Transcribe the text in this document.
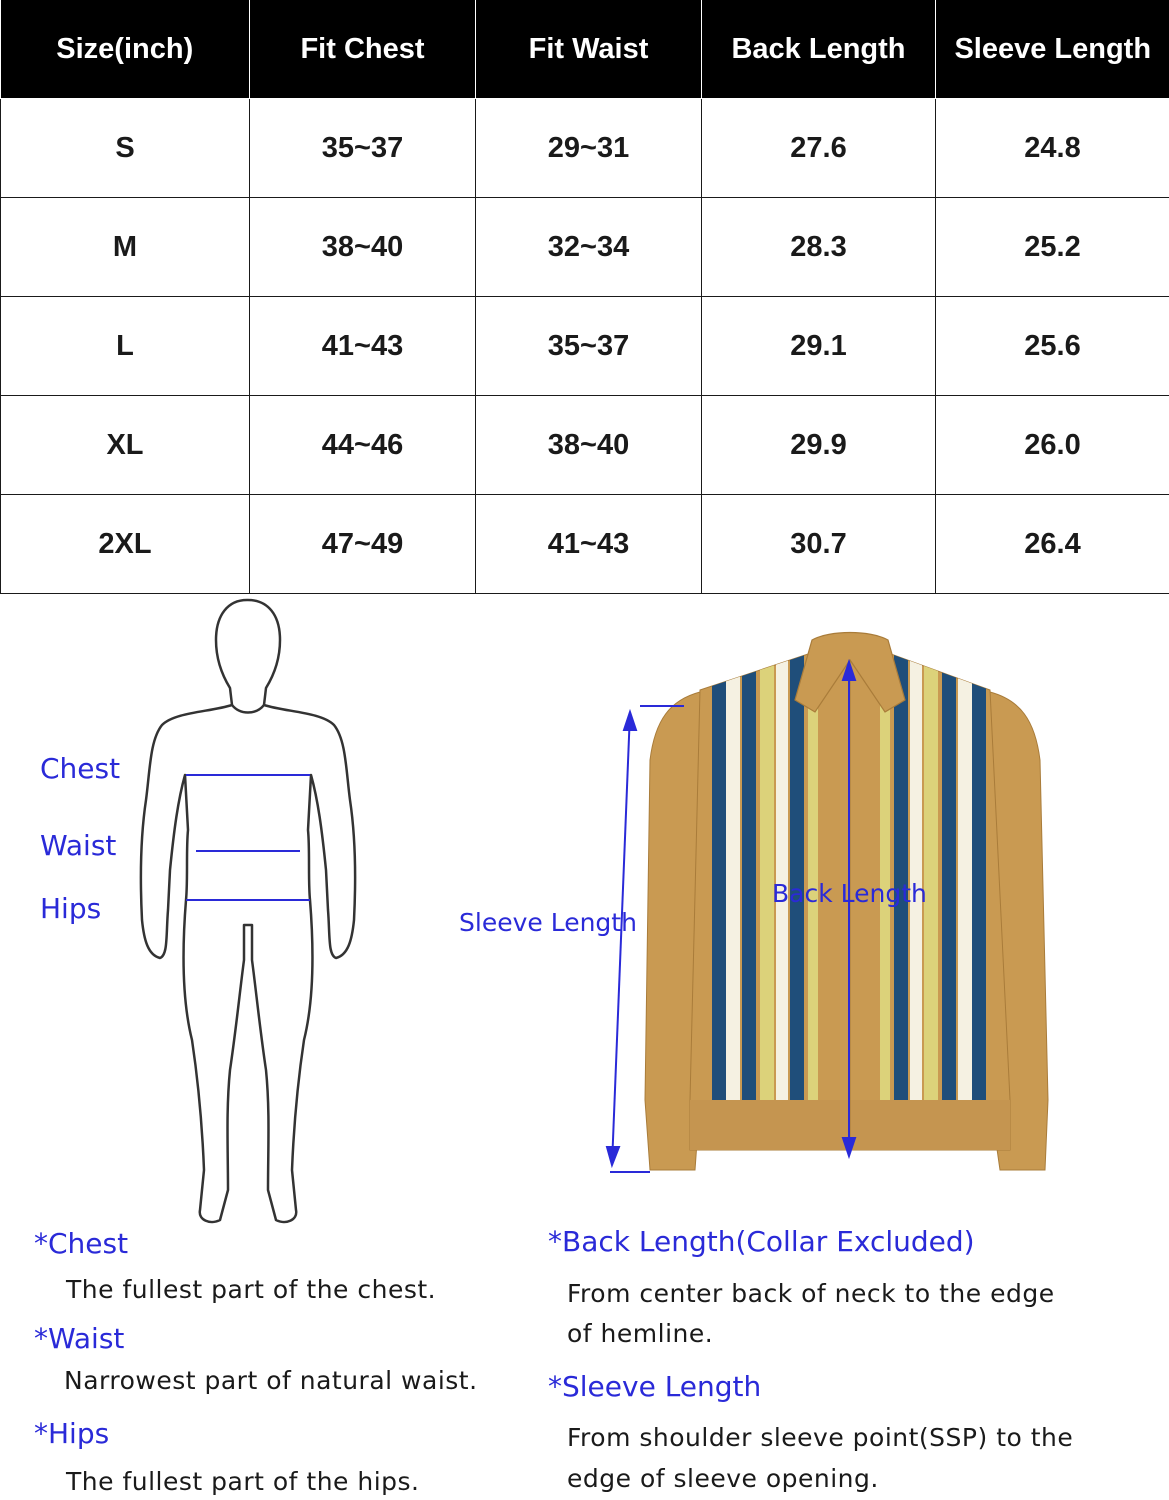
Size(inch)	Fit Chest	Fit Waist	Back Length	Sleeve Length
S	35~37	29~31	27.6	24.8
M	38~40	32~34	28.3	25.2
L	41~43	35~37	29.1	25.6
XL	44~46	38~40	29.9	26.0
2XL	47~49	41~43	30.7	26.4
Chest
Waist
Hips	Sleeve Length
Back Length
*Chest
The fullest part of the chest.
*Waist
Narrowest part of natural waist.
*Hips
The fullest part of the hips.
*Back Length(Collar Excluded)
From center back of neck to the edge
of hemline.
*Sleeve Length
From shoulder sleeve point(SSP) to the
edge of sleeve opening.
